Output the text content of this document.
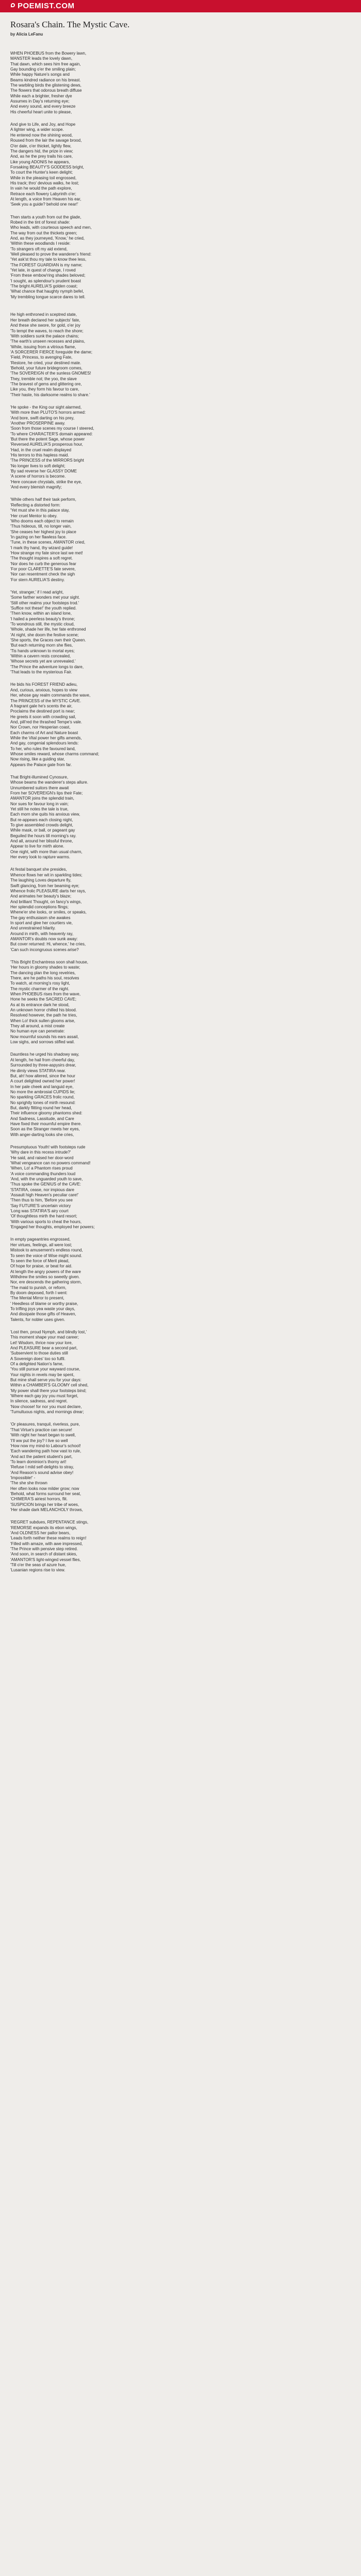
POEMIST.COM
Rosara's Chain. The Mystic Cave.
by Alicia LeFanu
WHEN PHOEBUS from the Bowery lawn,
MANSTER leads the lovely dawn,
That dawn, which sees him free again,
Gay bounding o'er the smiling plain;
While happy Nature's songs and
Beams kindred radiance on his breast.
The warbling birds the glistening dews,
The flowers that odorous breath diffuse
While each a brighter, fresher dye
Assumes in Day's returning eye;
And every sound, and every breeze
His cheerful heart unite to please,
And give to Life, and Joy, and Hope
A lighter wing, a wider scope.
He entered now the shining wood,
Roused from the lair the savage brood,
O'er dale, o'er thicket, lightly flew,
The dangers hid, the prize in view;
And, as he the prey trails his care,
Like young ADONIS he appears,
Forsaking BEAUTY'S GODDESS bright,
To court the Hunter's keen delight;
While in the pleasing toil engrossed,
His track; thro' devious walks, he lost;
In vain he would the path explore,
Retrace each flowery Labyrinth o'er;
At length, a voice from Heaven his ear,
'Seek you a guide? behold one near!'
Then starts a youth from out the glade,
Robed in the tint of forest shade:
Who leads, with courteous speech and men,
The way from out the thickets green;
And, as they journeyed, 'Know,' he cried,
'Within these woodlands I reside:
'To strangers oft my aid extend,
'Well pleased to prove the wanderer's friend:
'Yet ask'st thou my tale to know thee less,
'The FOREST GUARDIAN is my name;
'Yet late, in quest of change, I roved
'From these embow'ring shades beloved;
'I sought, as splendour's prudent boast
'The bright AURELIA'S golden coast;
'What chance that haughty nymph befel,
'My trembling tongue scarce dares to tell.
He high enthroned in sceptred state,
Her breath declared her subjects' fate,
And these she swore, for gold, o'er joy
'To tempt the waves, to reach the shore;
'With soldiers sunk the palace chains;
'The earth's unseen recesses and plains,
'While, issuing from a vitrious flame,
'A SORCERER FIERCE foreguide the dame;
'Field, Princess, to avenging Fate,
'Restore, he cried, your destined mate.
'Behold, your future bridegroom comes,
'The SOVEREIGN of the sunless GNOMES!
They, tremble not; the yoo, the slave
'The bravest of gems and glittering ore,
Like you, they form his favour to care,
'Their haste, his darksome realms to share.'
'He spoke - the King our sight alarmed,
'With more than PLUTO'S horrors armed:
'And bore, swift darting on his prey,
'Another PROSERPINE away.
'Soon from those scenes my course I steered,
'To where CHARACTER'S domain appeared:
'But there the potent Sage, whose power
'Reversed AURELIA'S prosperous hour,
'Had, in the cruel realm displayed
'His terrors to this hapless maid.
'The PRINCESS of the MIRRORS bright
'No longer lives to soft delight;
'By sad reverse her GLASSY DOME
'A scene of horrors is become.
'Here concave chrystals, strike the eye,
'And every blemish magnify;
'While others half their task perform,
'Reflecting a distorted form:
'Yet must she in this palace stay,
'Her cruel Mentor to obey.
'Who dooms each object to remain
'Thus hideous, till, no longer vain,
'She ceases her highest joy to place
'In gazing on her flawless face.
'Tune, in these scenes, AMANTOR cried,
'I mark thy hand, thy wizard guide!
'How strange my fate since last we met!
'The thought inspires a soft regret.
'Nor does he curb the generous fear
'For poor CLARETTE'S fate severe,
'Nor can resentment check the sigh
'For stern AURELIA'S destiny.
'Yet, stranger,' if I read aright,
'Some farther wonders met your sight.
'Still other realms your footsteps trod.'
'Suffice not these!' the youth replied.
'Then know, within an island lone,
'I hailed a peerless beauty's throne;
'To wondrous still, the mystic cloud,
'Whole, shade her life, her fate enthroned
'At night, she doom the festive scene;
'She sports, the Graces own their Queen.
'But each returning morn she flies,
'Tis hands unknown to mortal eyes;
'Within a cavern rests concealed,
'Whose secrets yet are unrevealed.'
'The Prince the adventure longs to dare,
'That leads to the mysterious Fair.
He bids his FOREST FRIEND adieu,
And, curious, anxious, hopes to view
Her, whose gay realm commands the wave,
The PRINCESS of the MYSTIC CAVE.
A fragrant gale he's scents the air,
Proclaims the destined port is near;
He greets it soon with crowding sail,
And, pill'red the thrashed Tempe's vale.
Nor Crown, nor Hesperian coast,
Each charms of Art and Nature boast
While the Vital power her gifts amends,
And gay, congenial splendours lends:
To her, who rules the favoured land,
Whose smiles reward, whose charms command;
Now rising, like a guiding star,
Appears the Palace gate from far.
That Bright-illumined Cynosure,
Whose beams the wanderer's steps allure.
Unnumbered suitors there await
From her SOVEREIGN's lips their Fate;
AMANTOR joins the splendid train,
Nor sues for favour long in vain;
Yet still he notes the tale is true,
Each morn she quits his anxious view,
But re-appears each closing night,
To give assembled crowds delight,
While mask, or ball, or pageant gay
Beguiled the hours till morning's ray.
And all, around her blissful throne,
Appear to live for mirth alone.
One night, with more than usual charm,
Her every look to rapture warms.
At festal banquet she presides,
Whence flows her wit in sparkling tides;
The laughing Loves departure fly,
Swift glancing, from her beaming eye;
Whence frolic PLEASURE darts her rays,
And animates her beauty's blaze;
And brilliant Thought, on fancy's wings,
Her splendid conceptions flings;
Whene'er she looks, or smiles, or speaks,
The gay enthusiasm she awakes
In sport and glee her courtiers vie,
And unrestrained hilarity.
Around in mirth, with heavenly ray,
AMANTOR's doubts now sunk away:
But cover returned: Hi, whence,' he cries,
'Can such incongruous scenes arise?
'This Bright Enchantress soon shall house,
'Her hours in gloomy shades to waste;
The dancing plan the long revelries,
There, are he paths his soul, resolves
To watch, at morning's rosy light,
The mystic charmer of the night.
When PHOEBUS rises from the wave,
Hone he seeks the SACRED CAVE;
As at its entrance dark he stood,
An unknown horror chilled his blood.
Resolved however, the path he tries,
When Lo! thick sullen glooms arise,
They all around, a mist create
No human eye can penetrate:
Now mournful sounds his ears assail,
Low sighs, and sorrows stifled wail.
Dauntless he urged his shadowy way,
At length, he hail from cheerful day,
Surrounded by three-aspysirs drear,
He dimly views STATIRA near.
But, ah! how altered, since the hour
A court delighted owned her power!
In her pale cheek and languid eye,
No more the ambrosial CUPIDS lie;
No sparkling GRACES frolic round,
No sprightly tones of mirth resound:
But, darkly flitting round her head,
Their influence gloomy phantoms shed:
And Sadness, Lassitude, and Care
Have fixed their mournful empire there.
Soon as the Stranger meets her eyes,
With anger-darting looks she cries,
Presumptuous Youth! with footsteps rude
'Why dare in this recess intrude?'
'He said, and raised her door-word
'What vengeance can no powers command!
'When, Lo! a Phantom rises proud
'A voice commanding thunders loud
'And, with the unguarded youth to save,
'Thus spoke the GENIUS of the CAVE:
'STATIRA, cease, nor impious dare
'Assault high Heaven's peculiar care!'
'Then thus to him, 'Before you see
'Say FUTURE'S uncertain victory
'Long was STATIRA'S airy court
'Of thoughtless mirth the hard resort;
'With various sports to cheat the hours,
'Engaged her thoughts, employed her powers;
In empty pageantries engrossed,
Her virtues, feelings, all were lost;
Mistook to amusement's endless round,
To seen the voice of Wise might sound.
To seen the force of Merit plead,
Of hope for praise, or beat for aid.
At length the angry powers of the ware
Withdrew the smiles so sweetly given.
Nor, ere descends the gathering storm,
'The maid to punish, or reform,
By doom deposed, forth I went:
'The Mental Mirror to present,
' Heedless of blame or worthy praise,
To trifling joys yea waste your days,
And dissipate those gifts of Heaven,
Talents, for nobler uses given.
'Lost then, proud Nymph, and blindly lost,'
This moment shape your mad career;
Let! Wisdom, thrice now your lore,
And PLEASURE bear a second part,
'Subservient to those duties still
A Sovereign does' too so fulfil.
Of a delighted Nation's fame,
'You still pursue your wayward course,
Your nights in revels may be spent,
But mine shall serve you for your days:
Within a CHAMBER'S GLOOMY cell shed,
'My power shall there your footsteps bind;
'Where each gay joy you must forget,
In silence, sadness, and regret.
'Now choose! for nor you must declare,
'Tumultuous nights, and mornings drear;
'Or pleasures, tranquil, riverless, pure,
'That Virtue's practice can secure!
'With night her heart began to swell,
'I'll ww put the joy? I live so well
'How now my mind-to Labour's school!
'Each wandering path how vast to rule,
'And act the patient student's part,
'To learn dominion's thorny art!
'Refuse I mild self-delights to stray,
'And Reason's sound advise obey!
'Impossible!' -
'The she she thrown
Her often looks now milder grow; now
'Behold, what forms surround her seat,
'CHIMERA'S airiest horrors, flit.
'SUSPICION brings her tribe of woes,
'Her shade dark MELANCHOLY throws,
'REGRET subdues, REPENTANCE stings,
'REMORSE expands its ebon wings,
'And OLDNESS her pallor bears,
'Leads forth neither these realms to reign!
'Filled with amaze, with awe impressed,
'The Prince with pensive step retired.
'And soon, in search of distant skies,
'AMANTOR'S light-winged vessel flies,
'Till o'er the seas of azure hue,
'Lusanian regions rise to view.
